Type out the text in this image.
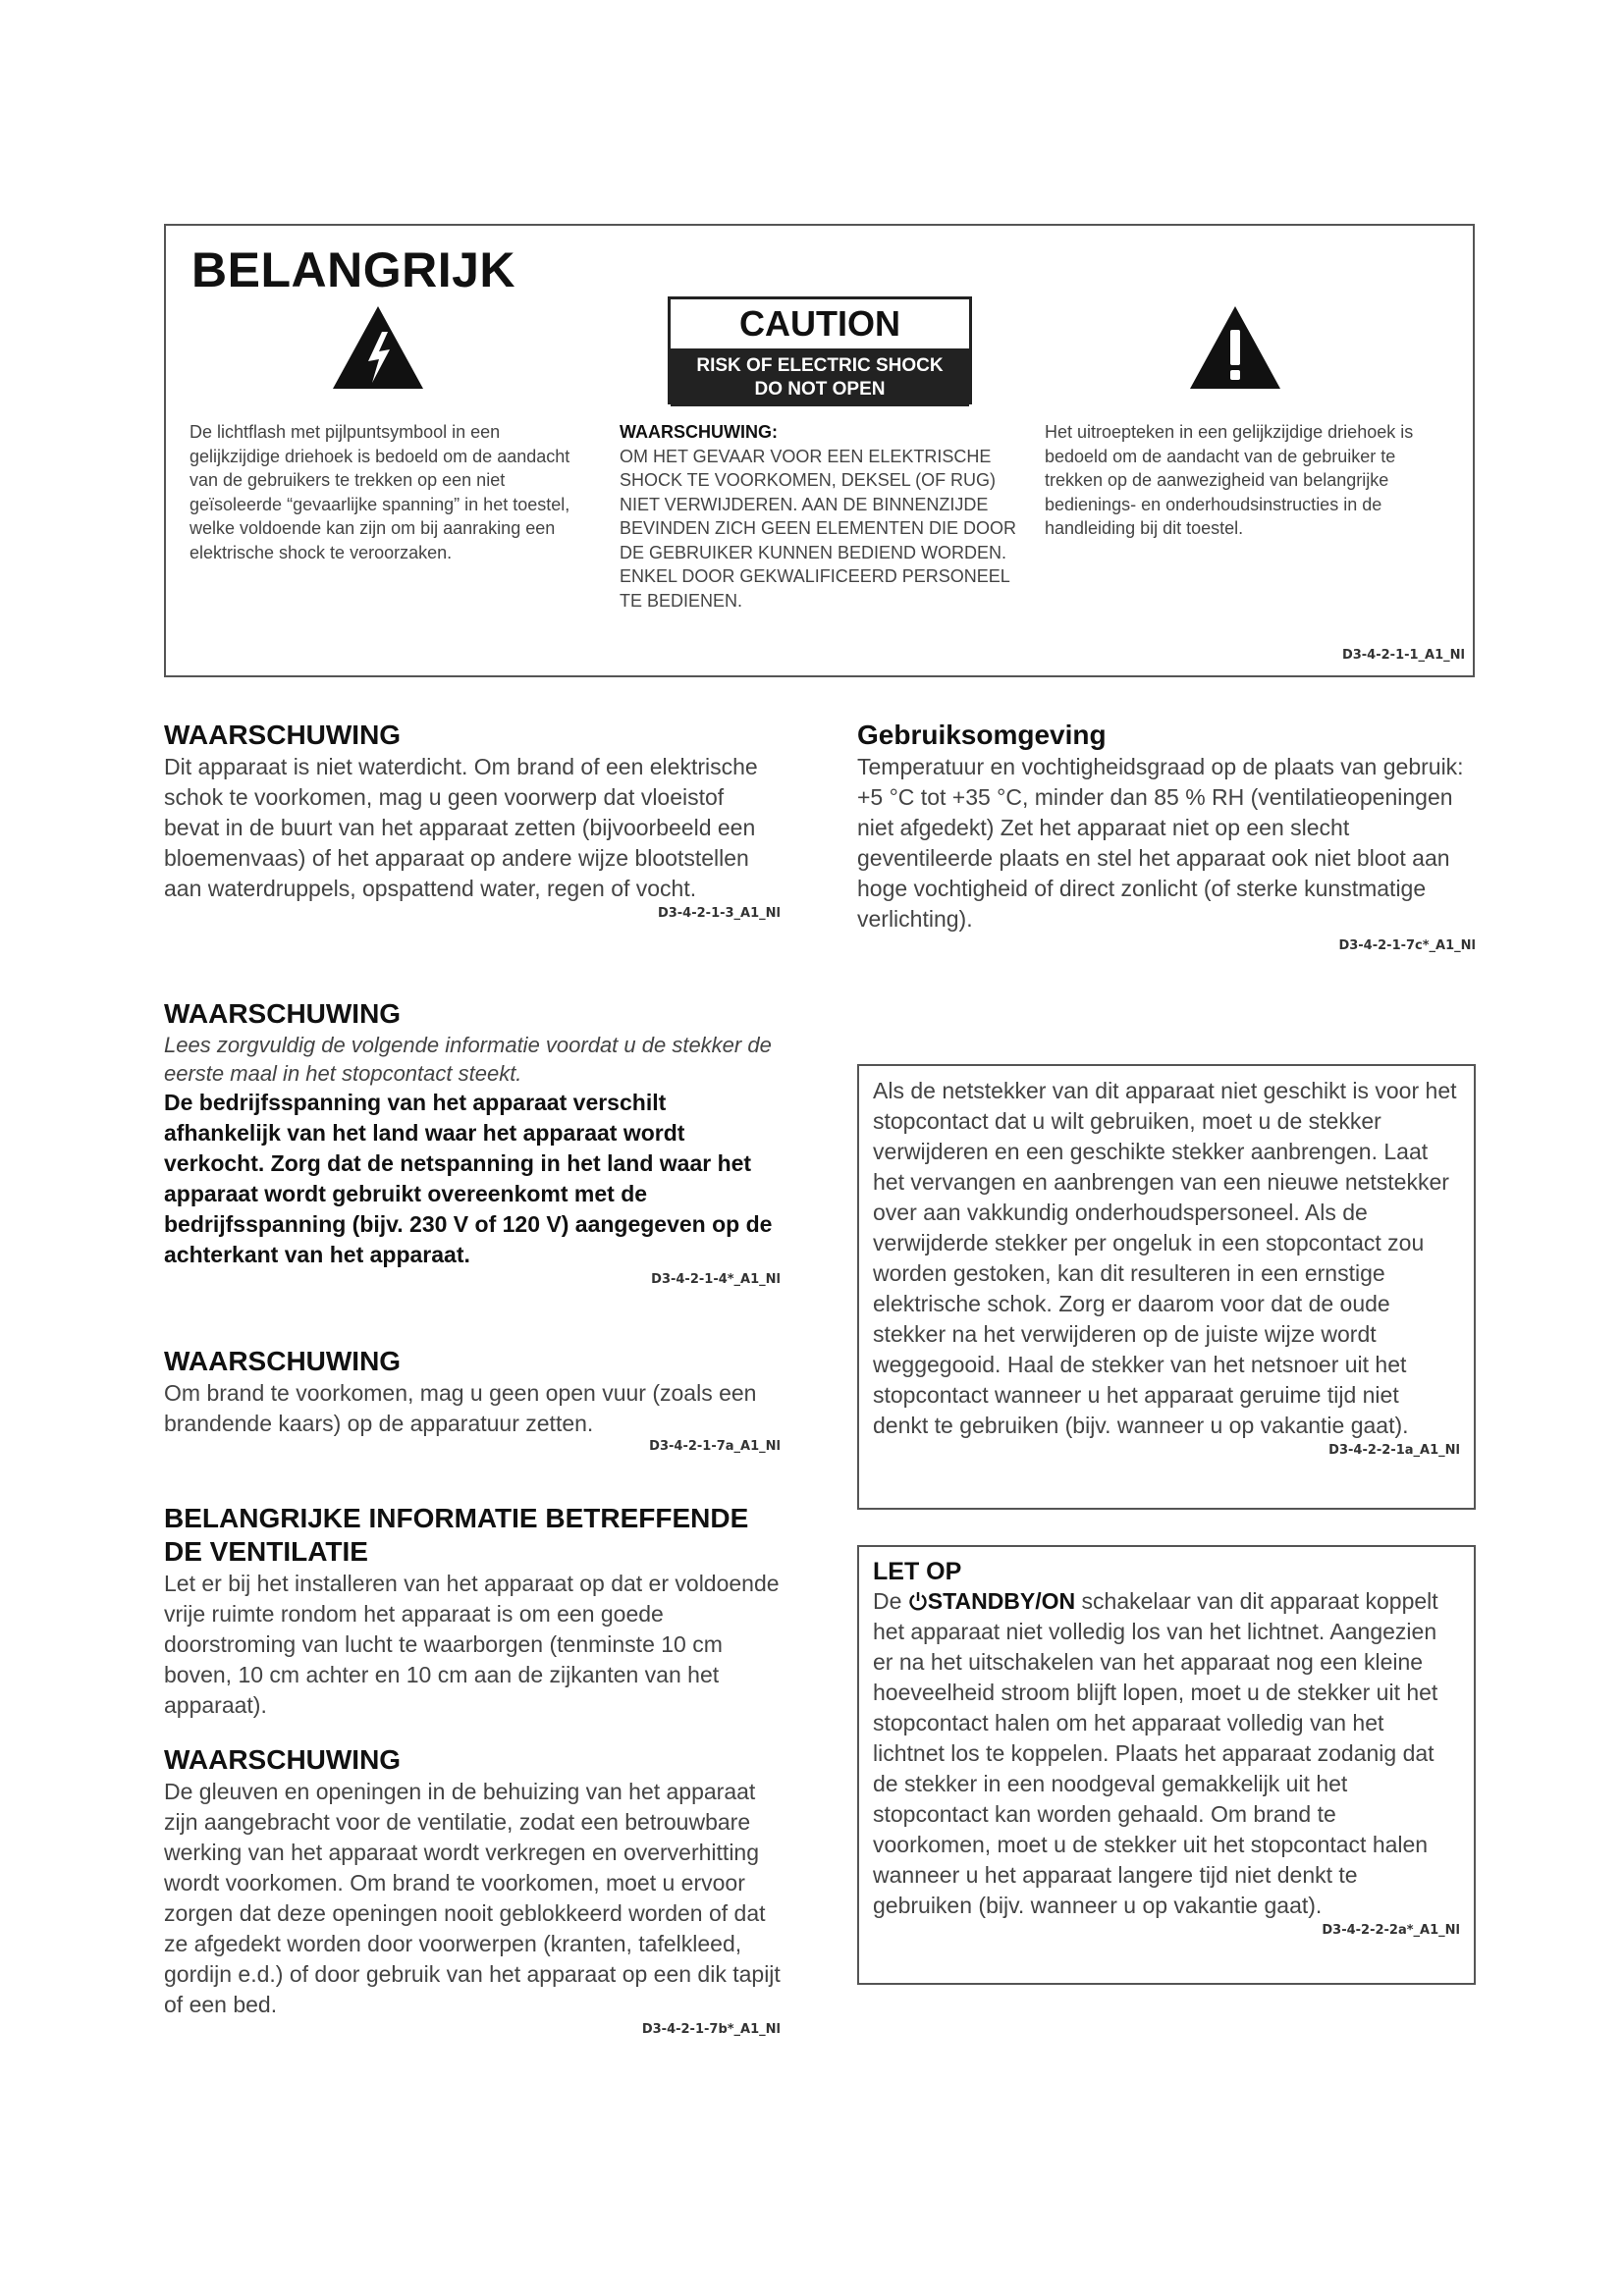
BELANGRIJK
CAUTION
RISK OF ELECTRIC SHOCK
DO NOT OPEN
De lichtflash met pijlpuntsymbool in een gelijkzijdige driehoek is bedoeld om de aandacht van de gebruikers te trekken op een niet geïsoleerde “gevaarlijke spanning” in het toestel, welke voldoende kan zijn om bij aanraking een elektrische shock te veroorzaken.
WAARSCHUWING:
OM HET GEVAAR VOOR EEN ELEKTRISCHE SHOCK TE VOORKOMEN, DEKSEL (OF RUG) NIET VERWIJDEREN. AAN DE BINNENZIJDE BEVINDEN ZICH GEEN ELEMENTEN DIE DOOR DE GEBRUIKER KUNNEN BEDIEND WORDEN. ENKEL DOOR GEKWALIFICEERD PERSONEEL TE BEDIENEN.
Het uitroepteken in een gelijkzijdige driehoek is bedoeld om de aandacht van de gebruiker te trekken op de aanwezigheid van belangrijke bedienings- en onderhoudsinstructies in de handleiding bij dit toestel.
D3-4-2-1-1_A1_Nl
WAARSCHUWING

Dit apparaat is niet waterdicht. Om brand of een elektrische schok te voorkomen, mag u geen voorwerp dat vloeistof bevat in de buurt van het apparaat zetten (bijvoorbeeld een bloemenvaas) of het apparaat op andere wijze blootstellen aan waterdruppels, opspattend water, regen of vocht.

D3-4-2-1-3_A1_Nl
WAARSCHUWING

Lees zorgvuldig de volgende informatie voordat u de stekker de eerste maal in het stopcontact steekt.

De bedrijfsspanning van het apparaat verschilt afhankelijk van het land waar het apparaat wordt verkocht. Zorg dat de netspanning in het land waar het apparaat wordt gebruikt overeenkomt met de bedrijfsspanning (bijv. 230 V of 120 V) aangegeven op de achterkant van het apparaat.

D3-4-2-1-4*_A1_Nl
WAARSCHUWING

Om brand te voorkomen, mag u geen open vuur (zoals een brandende kaars) op de apparatuur zetten.

D3-4-2-1-7a_A1_Nl
BELANGRIJKE INFORMATIE BETREFFENDE DE VENTILATIE

Let er bij het installeren van het apparaat op dat er voldoende vrije ruimte rondom het apparaat is om een goede doorstroming van lucht te waarborgen (tenminste 10 cm boven, 10 cm achter en 10 cm aan de zijkanten van het apparaat).

WAARSCHUWING

De gleuven en openingen in de behuizing van het apparaat zijn aangebracht voor de ventilatie, zodat een betrouwbare werking van het apparaat wordt verkregen en oververhitting wordt voorkomen. Om brand te voorkomen, moet u ervoor zorgen dat deze openingen nooit geblokkeerd worden of dat ze afgedekt worden door voorwerpen (kranten, tafelkleed, gordijn e.d.) of door gebruik van het apparaat op een dik tapijt of een bed.

D3-4-2-1-7b*_A1_Nl
Gebruiksomgeving

Temperatuur en vochtigheidsgraad op de plaats van gebruik: +5 °C tot +35 °C, minder dan 85 % RH (ventilatieopeningen niet afgedekt) Zet het apparaat niet op een slecht geventileerde plaats en stel het apparaat ook niet bloot aan hoge vochtigheid of direct zonlicht (of sterke kunstmatige verlichting).

D3-4-2-1-7c*_A1_Nl

Als de netstekker van dit apparaat niet geschikt is voor het stopcontact dat u wilt gebruiken, moet u de stekker verwijderen en een geschikte stekker aanbrengen. Laat het vervangen en aanbrengen van een nieuwe netstekker over aan vakkundig onderhoudspersoneel. Als de verwijderde stekker per ongeluk in een stopcontact zou worden gestoken, kan dit resulteren in een ernstige elektrische schok. Zorg er daarom voor dat de oude stekker na het verwijderen op de juiste wijze wordt weggegooid. Haal de stekker van het netsnoer uit het stopcontact wanneer u het apparaat geruime tijd niet denkt te gebruiken (bijv. wanneer u op vakantie gaat).

D3-4-2-2-1a_A1_Nl
LET OP

De STANDBY/ON schakelaar van dit apparaat koppelt het apparaat niet volledig los van het lichtnet. Aangezien er na het uitschakelen van het apparaat nog een kleine hoeveelheid stroom blijft lopen, moet u de stekker uit het stopcontact halen om het apparaat volledig van het lichtnet los te koppelen. Plaats het apparaat zodanig dat de stekker in een noodgeval gemakkelijk uit het stopcontact kan worden gehaald. Om brand te voorkomen, moet u de stekker uit het stopcontact halen wanneer u het apparaat langere tijd niet denkt te gebruiken (bijv. wanneer u op vakantie gaat).

D3-4-2-2-2a*_A1_Nl
